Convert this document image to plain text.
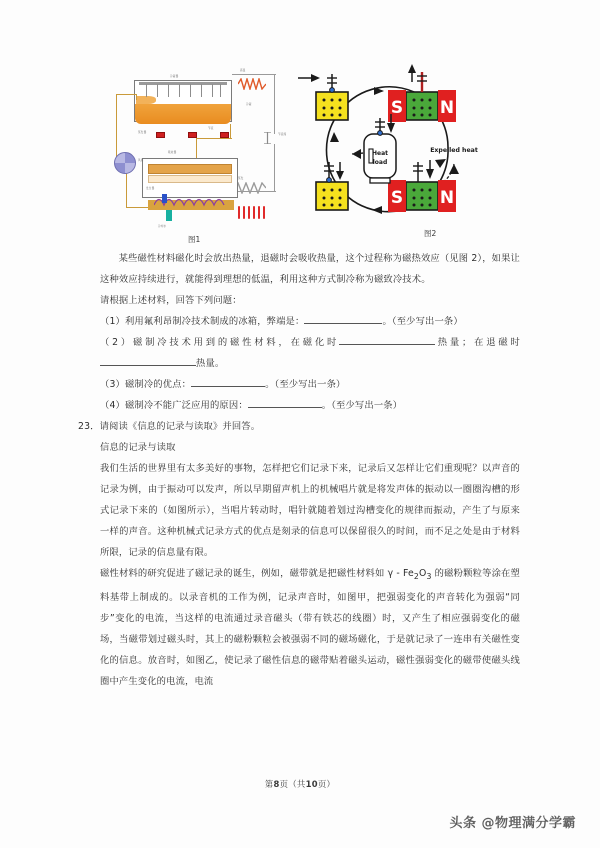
冷凝器
高温
冷凝
蒸发器
节流
吸收器
风扇
发生器
蒸发
节流阀
冷却水
图1
S N
S N
Heat
load
Expelled heat
图2

某些磁性材料磁化时会放出热量，退磁时会吸收热量，这个过程称为磁热效应（见图 2），如果让这种效应持续进行，就能得到理想的低温，利用这种方式制冷称为磁致冷技术。

请根据上述材料，回答下列问题：

（1）利用氟利昂制冷技术制成的冰箱，弊端是：	。（至少写出一条）

（2）磁制冷技术用到的磁性材料，在磁化时	热量；在退磁时热量。

（3）磁制冷的优点：	。（至少写出一条）

（4）磁制冷不能广泛应用的原因：	。（至少写出一条）

23．请阅读《信息的记录与读取》并回答。

信息的记录与读取

我们生活的世界里有太多美好的事物，怎样把它们记录下来，记录后又怎样让它们重现呢？以声音的记录为例，由于振动可以发声，所以早期留声机上的机械唱片就是将发声体的振动以一圈圈沟槽的形式记录下来的（如图所示），当唱片转动时，唱针就随着划过沟槽变化的规律而振动，产生了与原来一样的声音。这种机械式记录方式的优点是刻录的信息可以保留很久的时间，而不足之处是由于材料所限，记录的信息量有限。

磁性材料的研究促进了磁记录的诞生，例如，磁带就是把磁性材料如 γ - $Fe_2O_3$ 的磁粉颗粒等涂在塑料基带上制成的。以录音机的工作为例，记录声音时，如图甲，把强弱变化的声音转化为强弱“同步”变化的电流，当这样的电流通过录音磁头（带有铁芯的线圈）时，又产生了相应强弱变化的磁场，当磁带划过磁头时，其上的磁粉颗粒会被强弱不同的磁场磁化，于是就记录了一连串有关磁性变化的信息。放音时，如图乙，使记录了磁性信息的磁带贴着磁头运动，磁性强弱变化的磁带使磁头线圈中产生变化的电流，电流

第8页（共10页）
头条 @物理满分学霸
